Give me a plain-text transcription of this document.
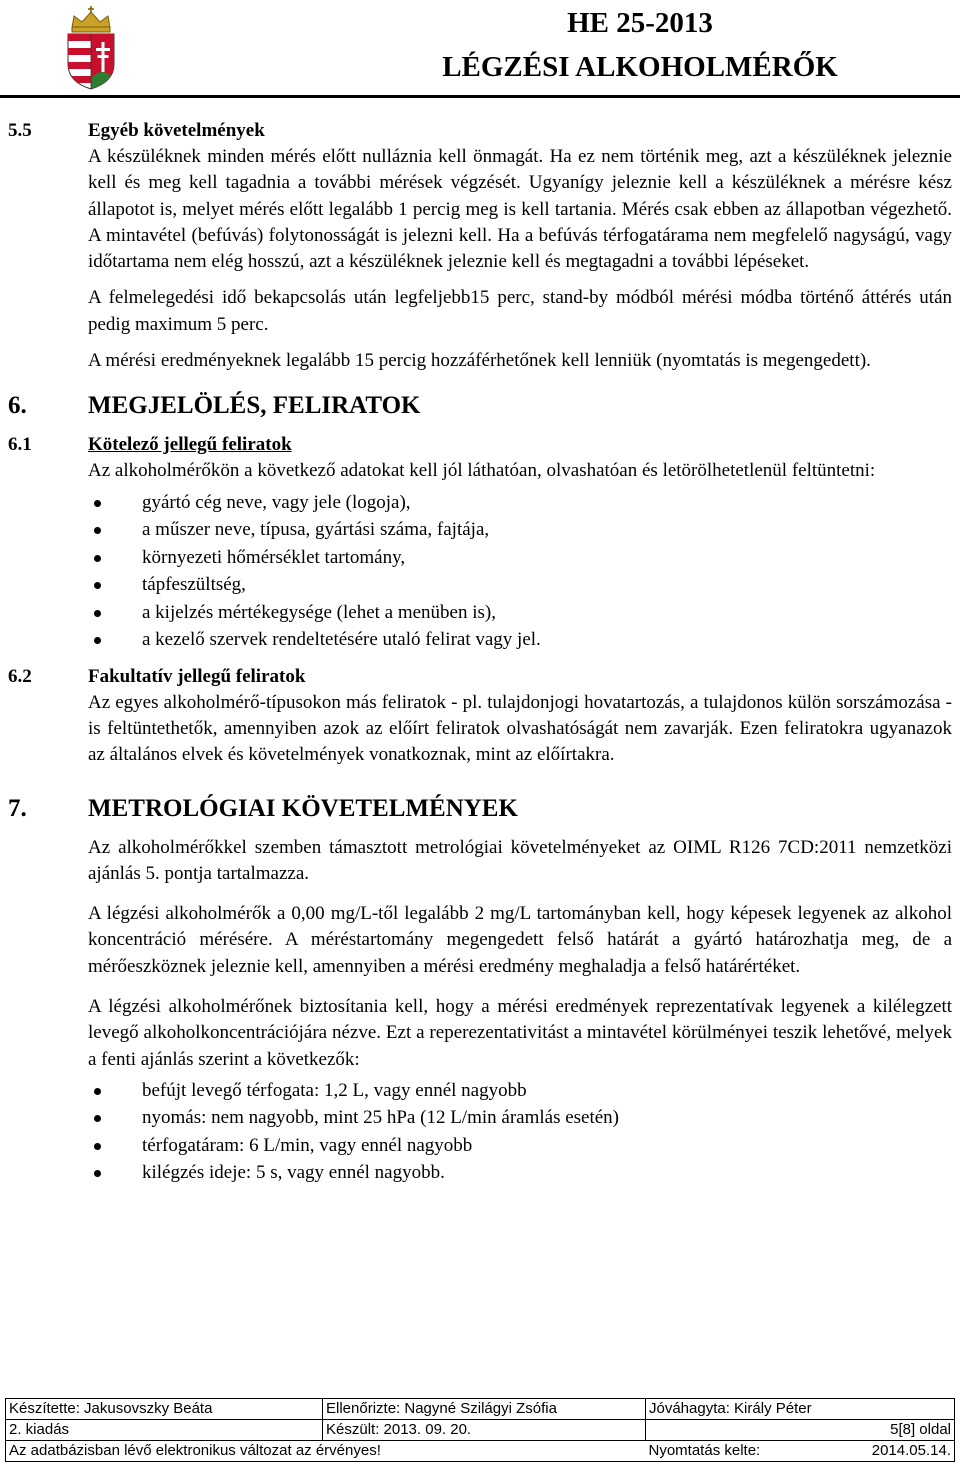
HE 25-2013
LÉGZÉSI ALKOHOLMÉRŐK
5.5	Egyéb követelmények

A készüléknek minden mérés előtt nulláznia kell önmagát. Ha ez nem történik meg, azt a készüléknek jeleznie kell és meg kell tagadnia a további mérések végzését. Ugyanígy jeleznie kell a készüléknek a mérésre kész állapotot is, melyet mérés előtt legalább 1 percig meg is kell tartania. Mérés csak ebben az állapotban végezhető. A mintavétel (befúvás) folytonosságát is jelezni kell. Ha a befúvás térfogatárama nem megfelelő nagyságú, vagy időtartama nem elég hosszú, azt a készüléknek jeleznie kell és megtagadni a további lépéseket.

A felmelegedési idő bekapcsolás után legfeljebb15 perc, stand-by módból mérési módba történő áttérés után pedig maximum 5 perc.

A mérési eredményeknek legalább 15 percig hozzáférhetőnek kell lenniük (nyomtatás is megengedett).

6. MEGJELÖLÉS, FELIRATOK
6.1	Kötelező jellegű feliratok

Az alkoholmérőkön a következő adatokat kell jól láthatóan, olvashatóan és letörölhetetlenül feltüntetni:

gyártó cég neve, vagy jele (logoja),
a műszer neve, típusa, gyártási száma, fajtája,
környezeti hőmérséklet tartomány,
tápfeszültség,
a kijelzés mértékegysége (lehet a menüben is),
a kezelő szervek rendeltetésére utaló felirat vagy jel.
6.2	Fakultatív jellegű feliratok

Az egyes alkoholmérő-típusokon más feliratok - pl. tulajdonjogi hovatartozás, a tulajdonos külön sorszámozása - is feltüntethetők, amennyiben azok az előírt feliratok olvashatóságát nem zavarják. Ezen feliratokra ugyanazok az általános elvek és követelmények vonatkoznak, mint az előírtakra.

7. METROLÓGIAI KÖVETELMÉNYEK

Az alkoholmérőkkel szemben támasztott metrológiai követelményeket az OIML R126 7CD:2011 nemzetközi ajánlás 5. pontja tartalmazza.

A légzési alkoholmérők a 0,00 mg/L-től legalább 2 mg/L tartományban kell, hogy képesek legyenek az alkohol koncentráció mérésére. A méréstartomány megengedett felső határát a gyártó határozhatja meg, de a mérőeszköznek jeleznie kell, amennyiben a mérési eredmény meghaladja a felső határértéket.

A légzési alkoholmérőnek biztosítania kell, hogy a mérési eredmények reprezentatívak legyenek a kilélegzett levegő alkoholkoncentrációjára nézve. Ezt a reperezentativitást a mintavétel körülményei teszik lehetővé, melyek a fenti ajánlás szerint a következők:

befújt levegő térfogata: 1,2 L, vagy ennél nagyobb
nyomás: nem nagyobb, mint 25 hPa (12 L/min áramlás esetén)
térfogatáram: 6 L/min, vagy ennél nagyobb
kilégzés ideje: 5 s, vagy ennél nagyobb.
Készítette: Jakusovszky Beáta	Ellenőrizte: Nagyné Szilágyi Zsófia	Jóváhagyta: Király Péter
2. kiadás	Készült: 2013. 09. 20.	5[8] oldal
Az adatbázisban lévő elektronikus változat az érvényes!		Nyomtatás kelte: 2014.05.14.
